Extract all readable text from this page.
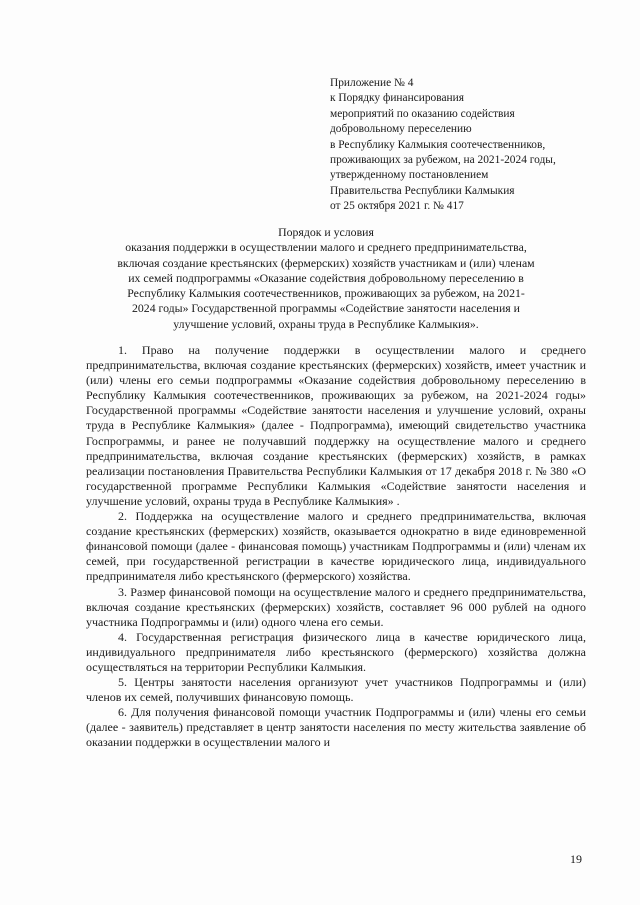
Приложение № 4
к Порядку финансирования
мероприятий по оказанию содействия
добровольному переселению
в Республику Калмыкия соотечественников,
проживающих за рубежом, на 2021-2024 годы,
утвержденному постановлением
Правительства Республики Калмыкия
от 25 октября 2021 г. № 417
Порядок и условия
оказания поддержки в осуществлении малого и среднего предпринимательства,
включая создание крестьянских (фермерских) хозяйств участникам и (или) членам
их семей подпрограммы «Оказание содействия добровольному переселению в
Республику Калмыкия соотечественников, проживающих за рубежом, на 2021-
2024 годы» Государственной программы «Содействие занятости населения и
улучшение условий, охраны труда в Республике Калмыкия».

1. Право на получение поддержки в осуществлении малого и среднего предпринимательства, включая создание крестьянских (фермерских) хозяйств, имеет участник и (или) члены его семьи подпрограммы «Оказание содействия добровольному переселению в Республику Калмыкия соотечественников, проживающих за рубежом, на 2021-2024 годы» Государственной программы «Содействие занятости населения и улучшение условий, охраны труда в Республике Калмыкия» (далее - Подпрограмма), имеющий свидетельство участника Госпрограммы, и ранее не получавший поддержку на осуществление малого и среднего предпринимательства, включая создание крестьянских (фермерских) хозяйств, в рамках реализации постановления Правительства Республики Калмыкия от 17 декабря 2018 г. № 380 «О государственной программе Республики Калмыкия «Содействие занятости населения и улучшение условий, охраны труда в Республике Калмыкия» .

2. Поддержка на осуществление малого и среднего предпринимательства, включая создание крестьянских (фермерских) хозяйств, оказывается однократно в виде единовременной финансовой помощи (далее - финансовая помощь) участникам Подпрограммы и (или) членам их семей, при государственной регистрации в качестве юридического лица, индивидуального предпринимателя либо крестьянского (фермерского) хозяйства.

3. Размер финансовой помощи на осуществление малого и среднего предпринимательства, включая создание крестьянских (фермерских) хозяйств, составляет 96 000 рублей на одного участника Подпрограммы и (или) одного члена его семьи.

4. Государственная регистрация физического лица в качестве юридического лица, индивидуального предпринимателя либо крестьянского (фермерского) хозяйства должна осуществляться на территории Республики Калмыкия.

5. Центры занятости населения организуют учет участников Подпрограммы и (или) членов их семей, получивших финансовую помощь.

6. Для получения финансовой помощи участник Подпрограммы и (или) члены его семьи (далее - заявитель) представляет в центр занятости населения по месту жительства заявление об оказании поддержки в осуществлении малого и

19
